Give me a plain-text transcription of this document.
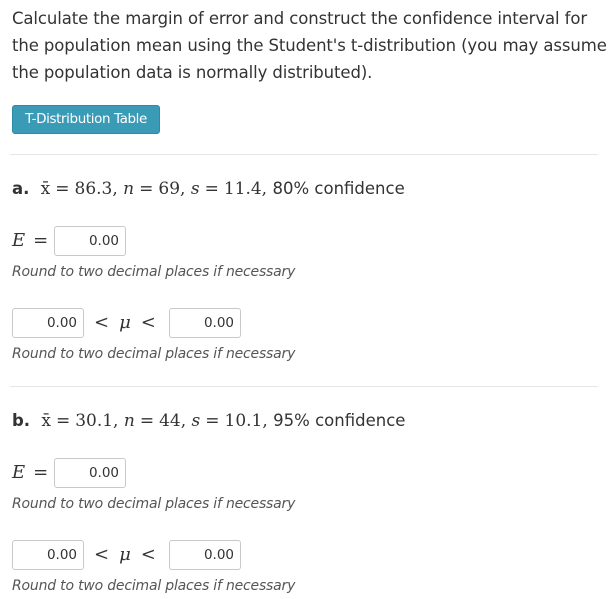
Calculate the margin of error and construct the confidence interval for the population mean using the Student's t-distribution (you may assume the population data is normally distributed).
T-Distribution Table
a. x̄ = 86.3, n = 69, s = 11.4, 80% confidence
E =
0.00
Round to two decimal places if necessary
0.00
< μ <
0.00
Round to two decimal places if necessary
b. x̄ = 30.1, n = 44, s = 10.1, 95% confidence
E =
0.00
Round to two decimal places if necessary
0.00
< μ <
0.00
Round to two decimal places if necessary
